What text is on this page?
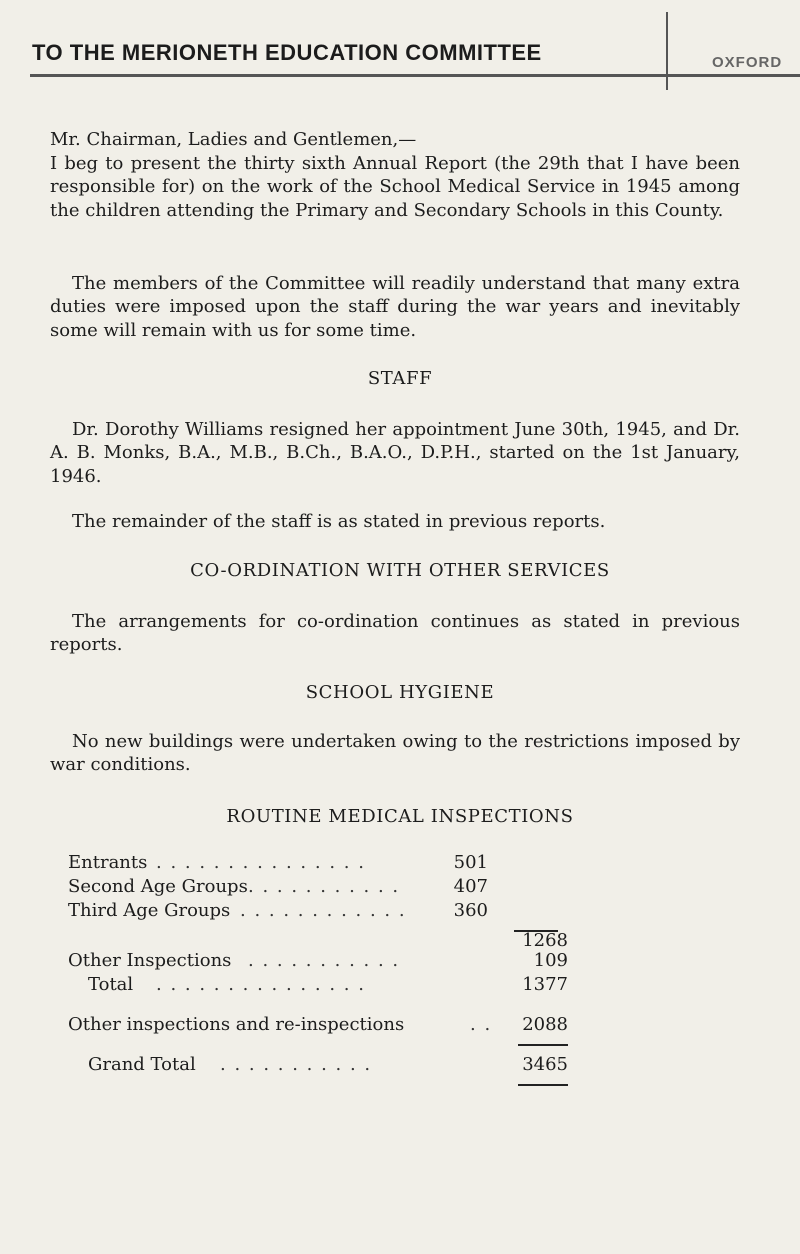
OXFORD
TO THE MERIONETH EDUCATION COMMITTEE

Mr. Chairman, Ladies and Gentlemen,—

I beg to present the thirty sixth Annual Report (the 29th that I have been responsible for) on the work of the School Medical Service in 1945 among the children attending the Primary and Secondary Schools in this County.

The members of the Committee will readily understand that many extra duties were imposed upon the staff during the war years and inevitably some will remain with us for some time.

STAFF

Dr. Dorothy Williams resigned her appointment June 30th, 1945, and Dr. A. B. Monks, B.A., M.B., B.Ch., B.A.O., D.P.H., started on the 1st January, 1946.

The remainder of the staff is as stated in previous reports.

CO-ORDINATION WITH OTHER SERVICES

The arrangements for co-ordination continues as stated in previous reports.

SCHOOL HYGIENE

No new buildings were undertaken owing to the restrictions imposed by war conditions.

ROUTINE MEDICAL INSPECTIONS

Entrants . . . . . . . . . . . . . . .	501
Second Age Groups . . . . . . . . . . .	407
Third Age Groups . . . . . . . . . . . .	360
1268
Other Inspections . . . . . . . . . . .	109
Total . . . . . . . . . . . . . . .	1377
Other inspections and re-inspections	. .	2088
Grand Total . . . . . . . . . . .	3465
